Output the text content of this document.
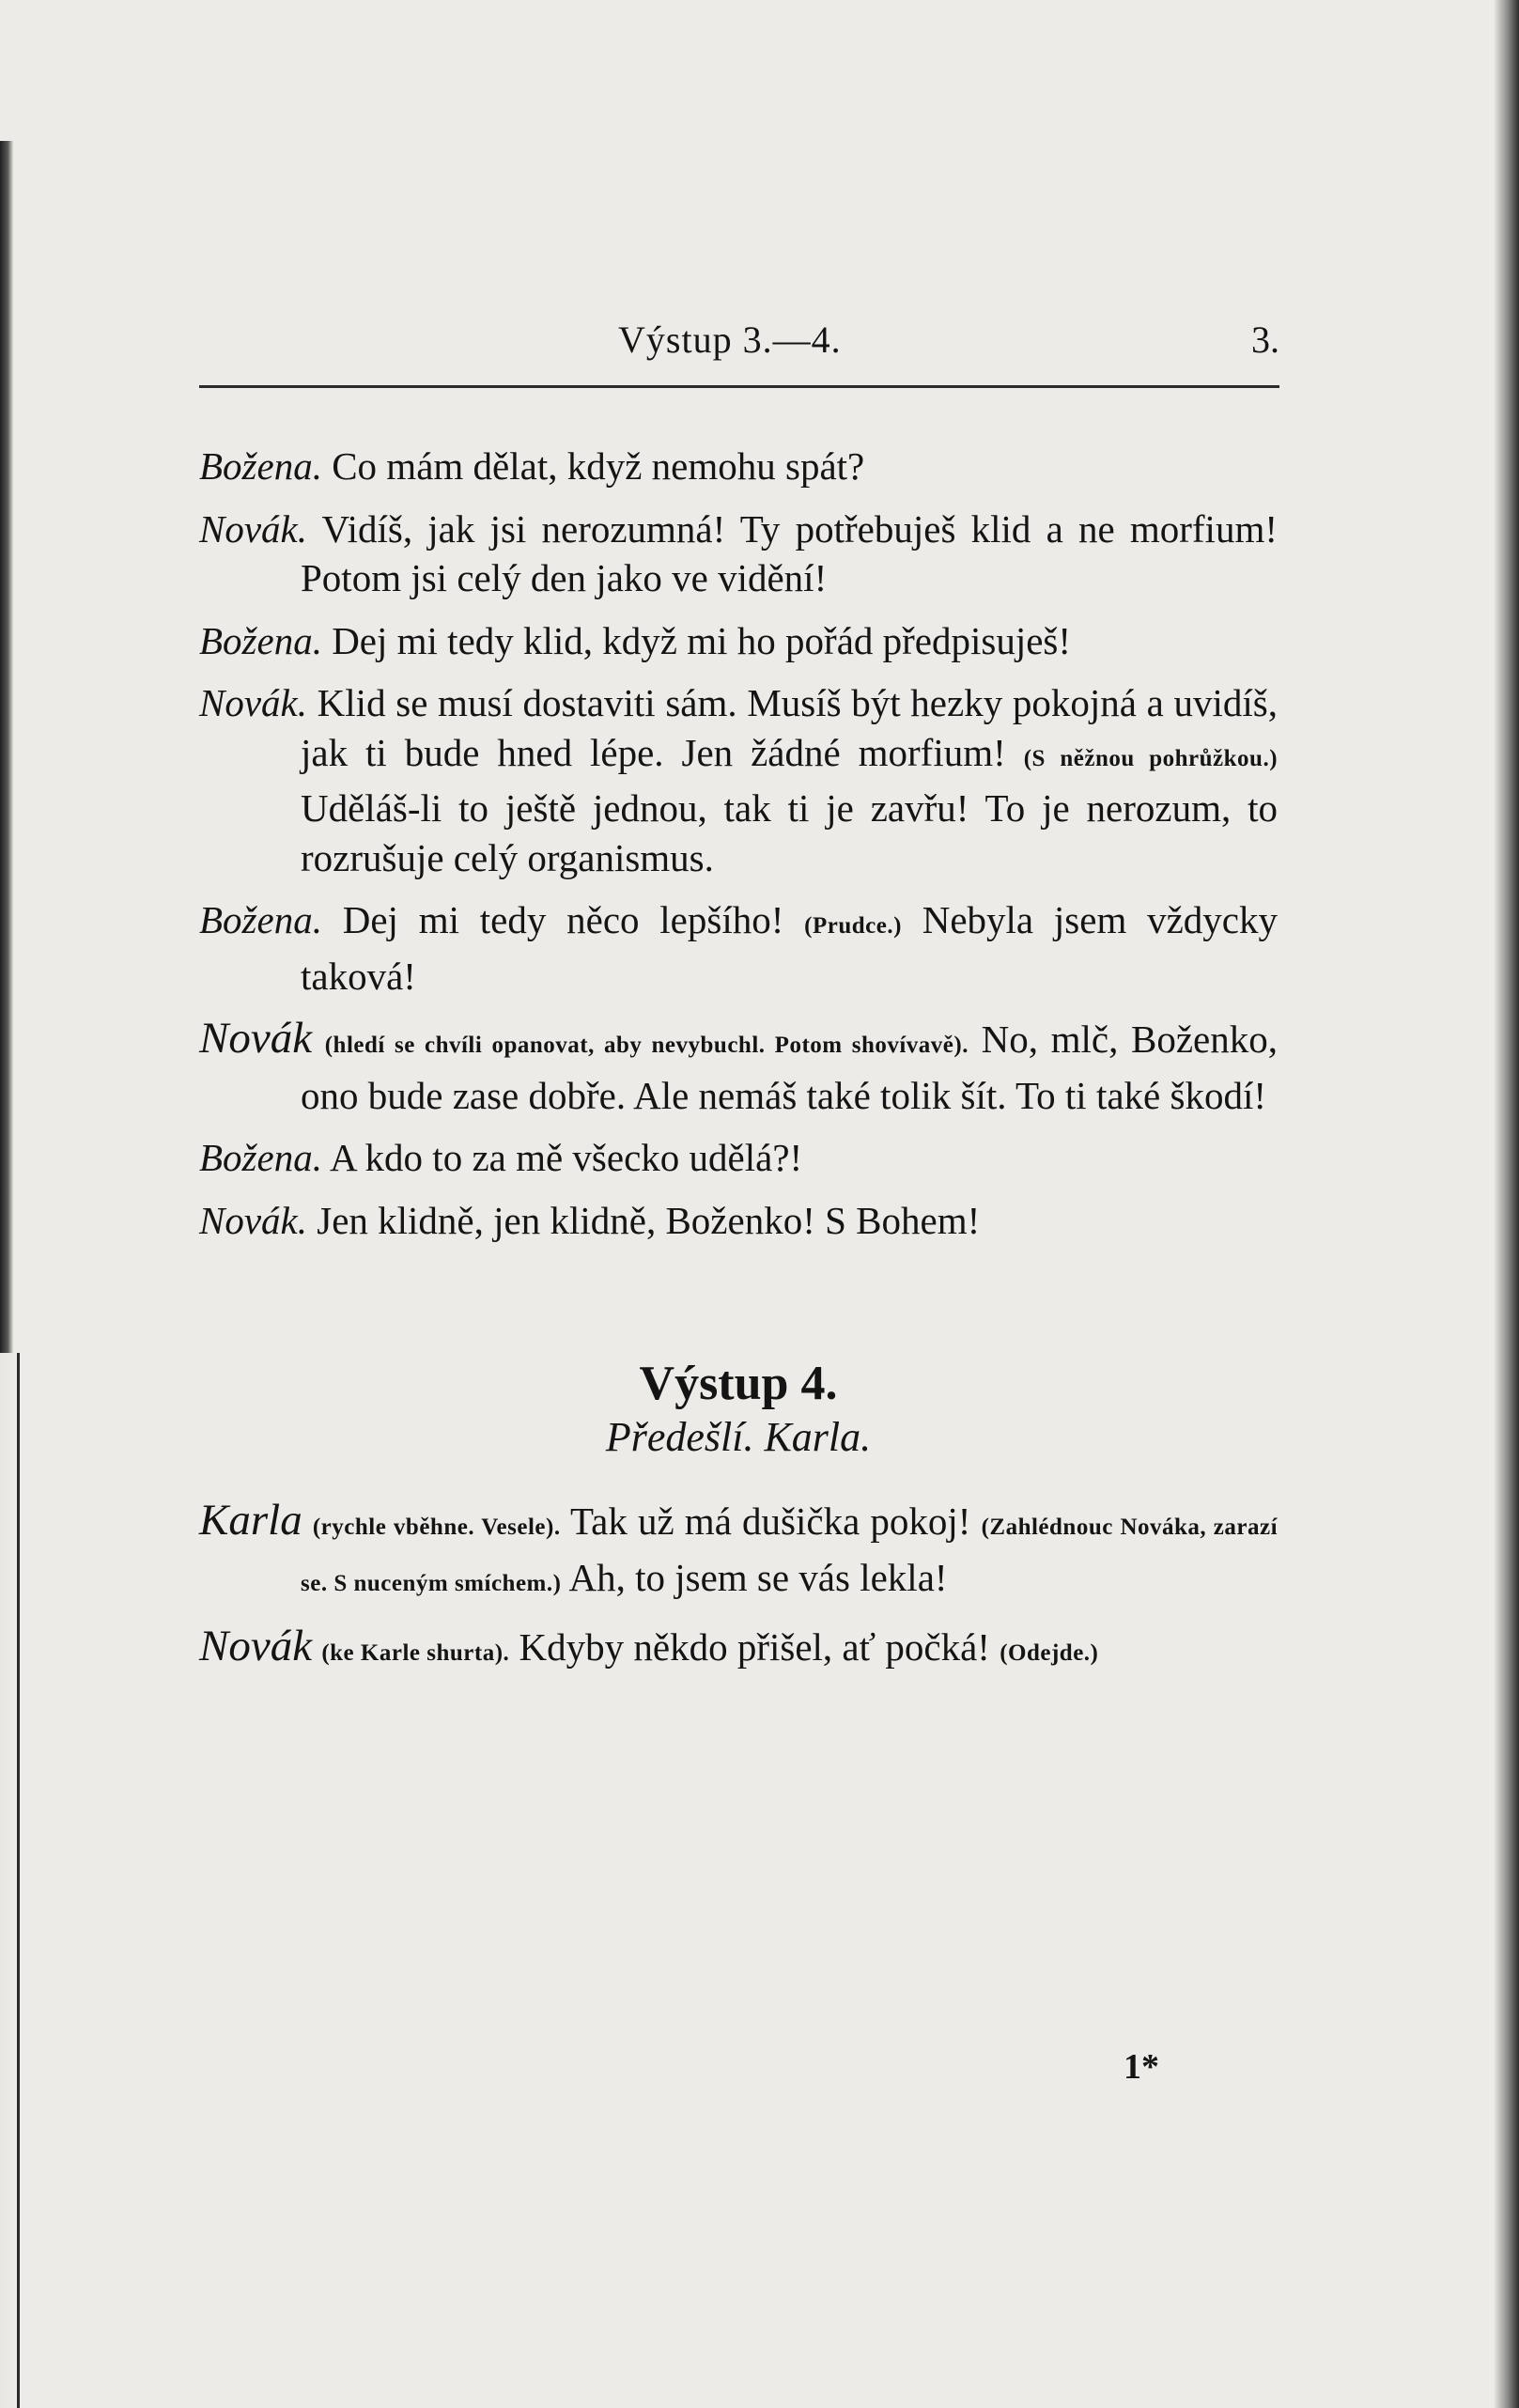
Výstup 3.—4.	3.

Božena. Co mám dělat, když nemohu spát?

Novák. Vidíš, jak jsi nerozumná! Ty potřebuješ klid a ne morfium! Potom jsi celý den jako ve vidění!

Božena. Dej mi tedy klid, když mi ho pořád předpisuješ!

Novák. Klid se musí dostaviti sám. Musíš být hezky pokojná a uvidíš, jak ti bude hned lépe. Jen žádné morfium! (S něžnou pohrůžkou.) Uděláš-li to ještě jednou, tak ti je zavřu! To je nerozum, to rozrušuje celý organismus.

Božena. Dej mi tedy něco lepšího! (Prudce.) Nebyla jsem vždycky taková!

Novák (hledí se chvíli opanovat, aby nevybuchl. Potom shovívavě). No, mlč, Boženko, ono bude zase dobře. Ale nemáš také tolik šít. To ti také škodí!

Božena. A kdo to za mě všecko udělá?!

Novák. Jen klidně, jen klidně, Boženko! S Bohem!

Výstup 4.
Předešlí. Karla.

Karla (rychle vběhne. Vesele). Tak už má dušička pokoj! (Zahlédnouc Nováka, zarazí se. S nuceným smíchem.) Ah, to jsem se vás lekla!

Novák (ke Karle shurta). Kdyby někdo přišel, ať počká! (Odejde.)

1*
